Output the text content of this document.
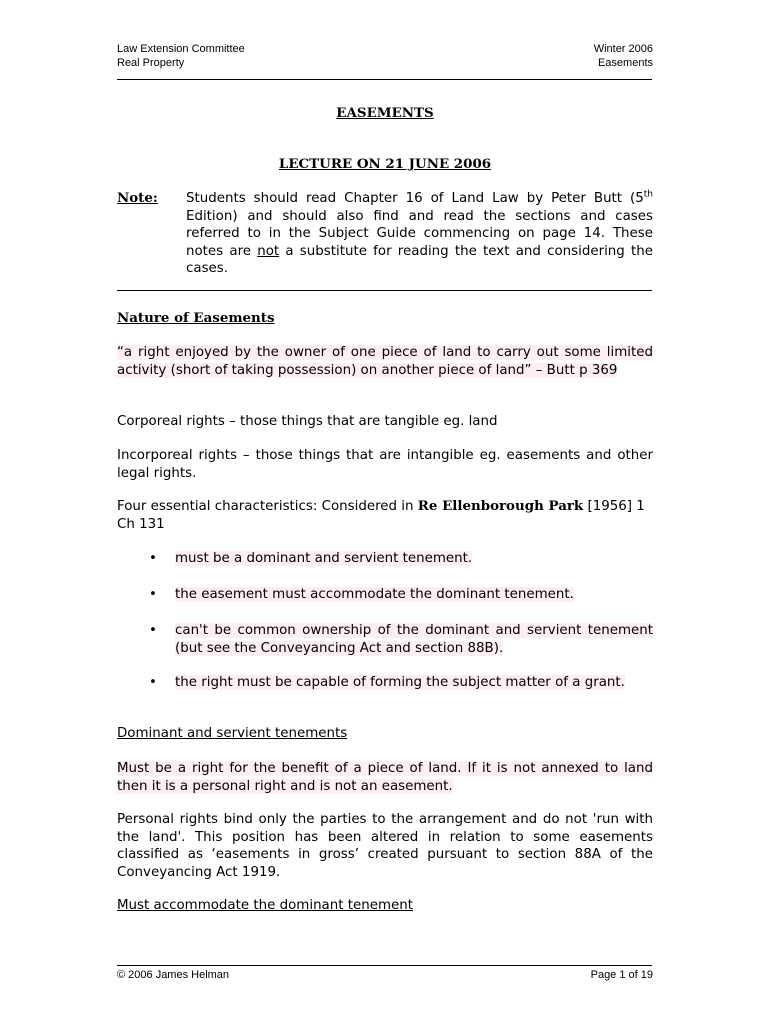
Law Extension Committee
Real Property
Winter 2006
Easements
EASEMENTS
LECTURE ON 21 JUNE 2006
Note:	Students should read Chapter 16 of Land Law by Peter Butt (5th Edition) and should also find and read the sections and cases referred to in the Subject Guide commencing on page 14. These notes are not a substitute for reading the text and considering the cases.
Nature of Easements
“a right enjoyed by the owner of one piece of land to carry out some limited activity (short of taking possession) on another piece of land” – Butt p 369
Corporeal rights – those things that are tangible eg. land
Incorporeal rights – those things that are intangible eg. easements and other legal rights.
Four essential characteristics: Considered in Re Ellenborough Park [1956] 1 Ch 131
•	must be a dominant and servient tenement.
•	the easement must accommodate the dominant tenement.
•	can't be common ownership of the dominant and servient tenement (but see the Conveyancing Act and section 88B).
•	the right must be capable of forming the subject matter of a grant.
Dominant and servient tenements
Must be a right for the benefit of a piece of land. If it is not annexed to land then it is a personal right and is not an easement.
Personal rights bind only the parties to the arrangement and do not 'run with the land'. This position has been altered in relation to some easements classified as ‘easements in gross’ created pursuant to section 88A of the Conveyancing Act 1919.
Must accommodate the dominant tenement
© 2006 James Helman	Page 1 of 19
